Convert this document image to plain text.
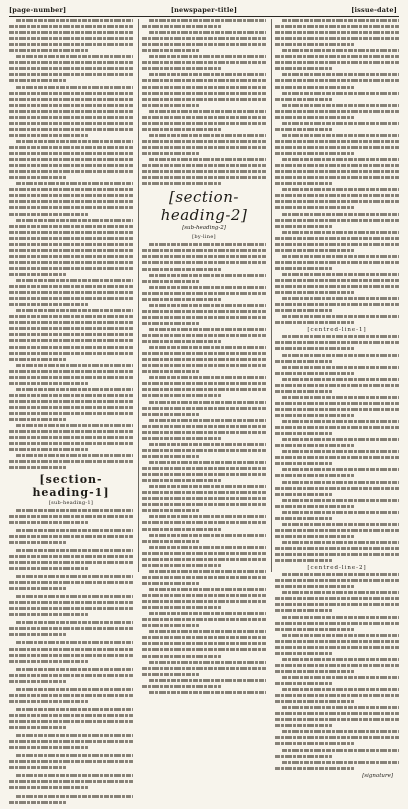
[page-number]	[newspaper-title]	[issue-date]
[section-heading-1]
[sub-heading-1]
[section-heading-2]
[sub-heading-2]
[by-line]
[centred-line-1]
[centred-line-2]
[signature]
